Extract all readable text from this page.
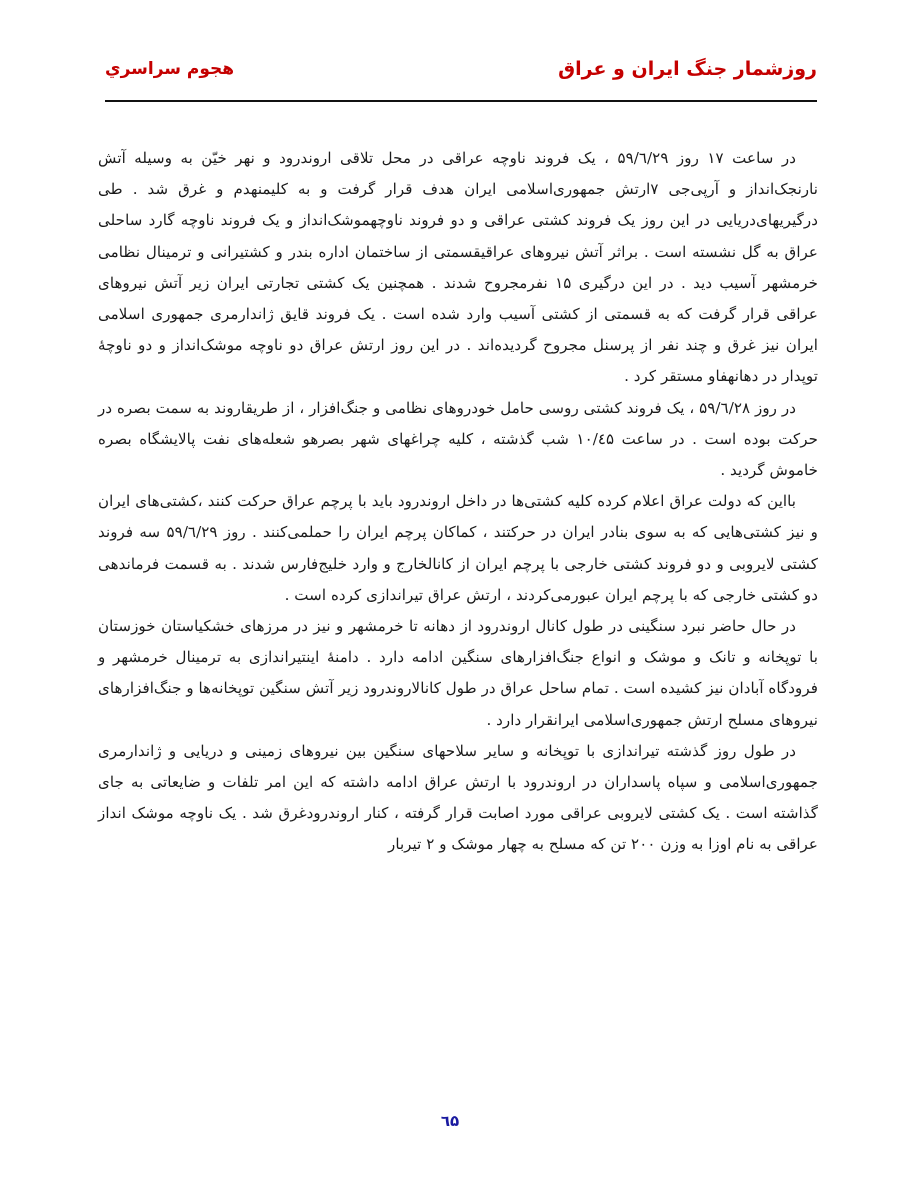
روزشمار جنگ ایران و عراق
هجوم سراسري

در ساعت ۱۷ روز ۵۹/٦/۲۹ ، یک فروند ناوچه عراقی در محل تلاقی اروندرود و نهر خیّن به وسیله آتش نارنجک‌انداز و آرپی‌جی ۷ارتش جمهوری‌اسلامی ایران هدف قرار گرفت و به کلیمنهدم و غرق شد . طی درگیریهای‌دریایی در این روز یک فروند کشتی عراقی و دو فروند ناوچهموشک‌انداز و یک فروند ناوچه گارد ساحلی عراق به گل نشسته است . براثر آتش نیروهای عراقیقسمتی از ساختمان اداره بندر و کشتیرانی و ترمینال نظامی خرمشهر آسیب دید . در این درگیری ۱۵ نفرمجروح شدند . همچنین یک کشتی تجارتی ایران زیر آتش نیروهای عراقی قرار گرفت که به قسمتی از کشتی آسیب وارد شده است . یک فروند قایق ژاندارمری جمهوری اسلامی ایران نیز غرق و چند نفر از پرسنل مجروح گردیده‌اند . در این روز ارتش عراق دو ناوچه موشک‌انداز و دو ناوچهٔ توپدار در دهانهفاو مستقر کرد .

در روز ۵۹/٦/۲۸ ، یک فروند کشتی روسی حامل خودروهای نظامی و جنگ‌افزار ، از طریقاروند به سمت بصره در حرکت بوده است . در ساعت ۱۰/٤۵ شب گذشته ، کلیه چراغهای شهر بصرهو شعله‌های نفت پالایشگاه بصره خاموش گردید .

بااین که دولت عراق اعلام کرده کلیه کشتی‌ها در داخل اروندرود باید با پرچم عراق حرکت کنند ،کشتی‌های ایران و نیز کشتی‌هایی که به سوی بنادر ایران در حرکتند ، کماکان پرچم ایران را حملمی‌کنند . روز ۵۹/٦/۲۹ سه فروند کشتی لایروبی و دو فروند کشتی خارجی با پرچم ایران از کانالخارج و وارد خلیج‌فارس شدند . به قسمت فرماندهی دو کشتی خارجی که با پرچم ایران عبورمی‌کردند ، ارتش عراق تیراندازی کرده است .

در حال حاضر نبرد سنگینی در طول کانال اروندرود از دهانه تا خرمشهر و نیز در مرزهای خشکیاستان خوزستان با توپخانه و تانک و موشک و انواع جنگ‌افزارهای سنگین ادامه دارد . دامنهٔ اینتیراندازی به ترمینال خرمشهر و فرودگاه آبادان نیز کشیده است . تمام ساحل عراق در طول کانالاروندرود زیر آتش سنگین توپخانه‌ها و جنگ‌افزارهای نیروهای مسلح ارتش جمهوری‌اسلامی ایرانقرار دارد .

در طول روز گذشته تیراندازی با توپخانه و سایر سلاحهای سنگین بین نیروهای زمینی و دریایی و ژاندارمری جمهوری‌اسلامی و سپاه پاسداران در اروندرود با ارتش عراق ادامه داشته که این امر تلفات و ضایعاتی به جای گذاشته است . یک کشتی لایروبی عراقی مورد اصابت قرار گرفته ، کنار اروندرودغرق شد . یک ناوچه موشک انداز عراقی به نام اوزا به وزن ۲۰۰ تن که مسلح به چهار موشک و ۲ تیربار

٦۵
